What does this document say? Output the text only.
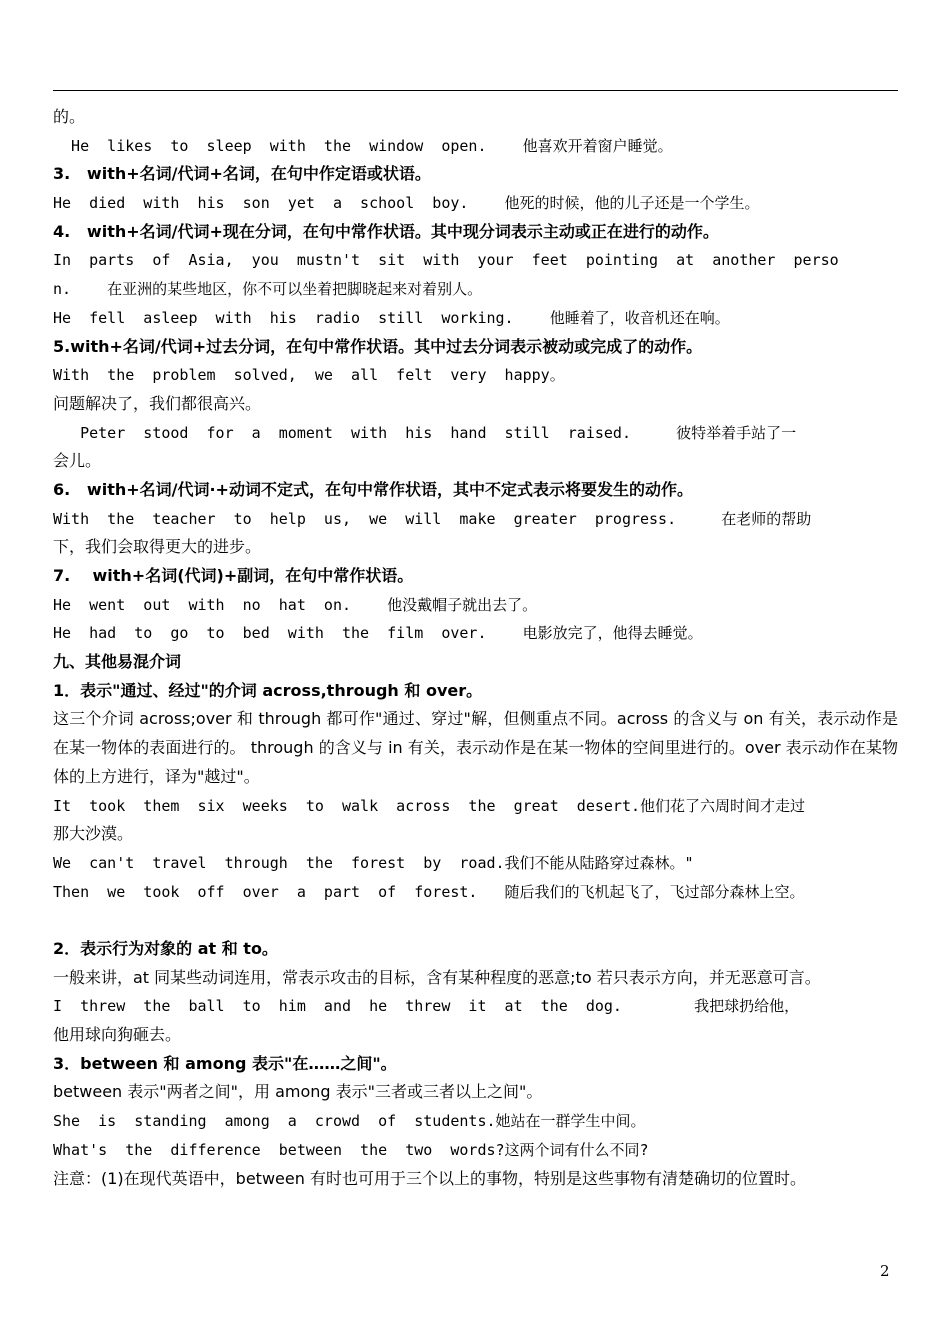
的。
He  likes  to  sleep  with  the  window  open.    他喜欢开着窗户睡觉。
3.   with+名词/代词+名词，在句中作定语或状语。
He  died  with  his  son  yet  a  school  boy.    他死的时候，他的儿子还是一个学生。
4.   with+名词/代词+现在分词，在句中常作状语。其中现分词表示主动或正在进行的动作。
In  parts  of  Asia,  you  mustn't  sit  with  your  feet  pointing  at  another  perso
n.    在亚洲的某些地区，你不可以坐着把脚晓起来对着别人。
He  fell  asleep  with  his  radio  still  working.    他睡着了，收音机还在响。
5.with+名词/代词+过去分词，在句中常作状语。其中过去分词表示被动或完成了的动作。
With  the  problem  solved,  we  all  felt  very  happy。
问题解决了，我们都很高兴。
Peter  stood  for  a  moment  with  his  hand  still  raised.     彼特举着手站了一
会儿。
6.   with+名词/代词·+动词不定式，在句中常作状语，其中不定式表示将要发生的动作。
With  the  teacher  to  help  us,  we  will  make  greater  progress.     在老师的帮助
下，我们会取得更大的进步。
7.    with+名词(代词)+副词，在句中常作状语。
He  went  out  with  no  hat  on.    他没戴帽子就出去了。
He  had  to  go  to  bed  with  the  film  over.    电影放完了，他得去睡觉。
九、其他易混介词
1．表示"通过、经过"的介词 across,through 和 over。
这三个介词 across;over 和 through 都可作"通过、穿过"解，但侧重点不同。across 的含义与 on 有关，表示动作是在某一物体的表面进行的。 through 的含义与 in 有关，表示动作是在某一物体的空间里进行的。over 表示动作在某物体的上方进行，译为"越过"。
It  took  them  six  weeks  to  walk  across  the  great  desert.他们花了六周时间才走过
那大沙漠。
We  can't  travel  through  the  forest  by  road.我们不能从陆路穿过森林。"
Then  we  took  off  over  a  part  of  forest.   随后我们的飞机起飞了，飞过部分森林上空。
2．表示行为对象的 at 和 to。
一般来讲，at 同某些动词连用，常表示攻击的目标，含有某种程度的恶意;to 若只表示方向，并无恶意可言。
I  threw  the  ball  to  him  and  he  threw  it  at  the  dog.        我把球扔给他，
他用球向狗砸去。
3．between 和 among 表示"在……之间"。
between 表示"两者之间"，用 among 表示"三者或三者以上之间"。
She  is  standing  among  a  crowd  of  students.她站在一群学生中间。
What's  the  difference  between  the  two  words?这两个词有什么不同?
注意：(1)在现代英语中，between 有时也可用于三个以上的事物，特别是这些事物有清楚确切的位置时。
2
